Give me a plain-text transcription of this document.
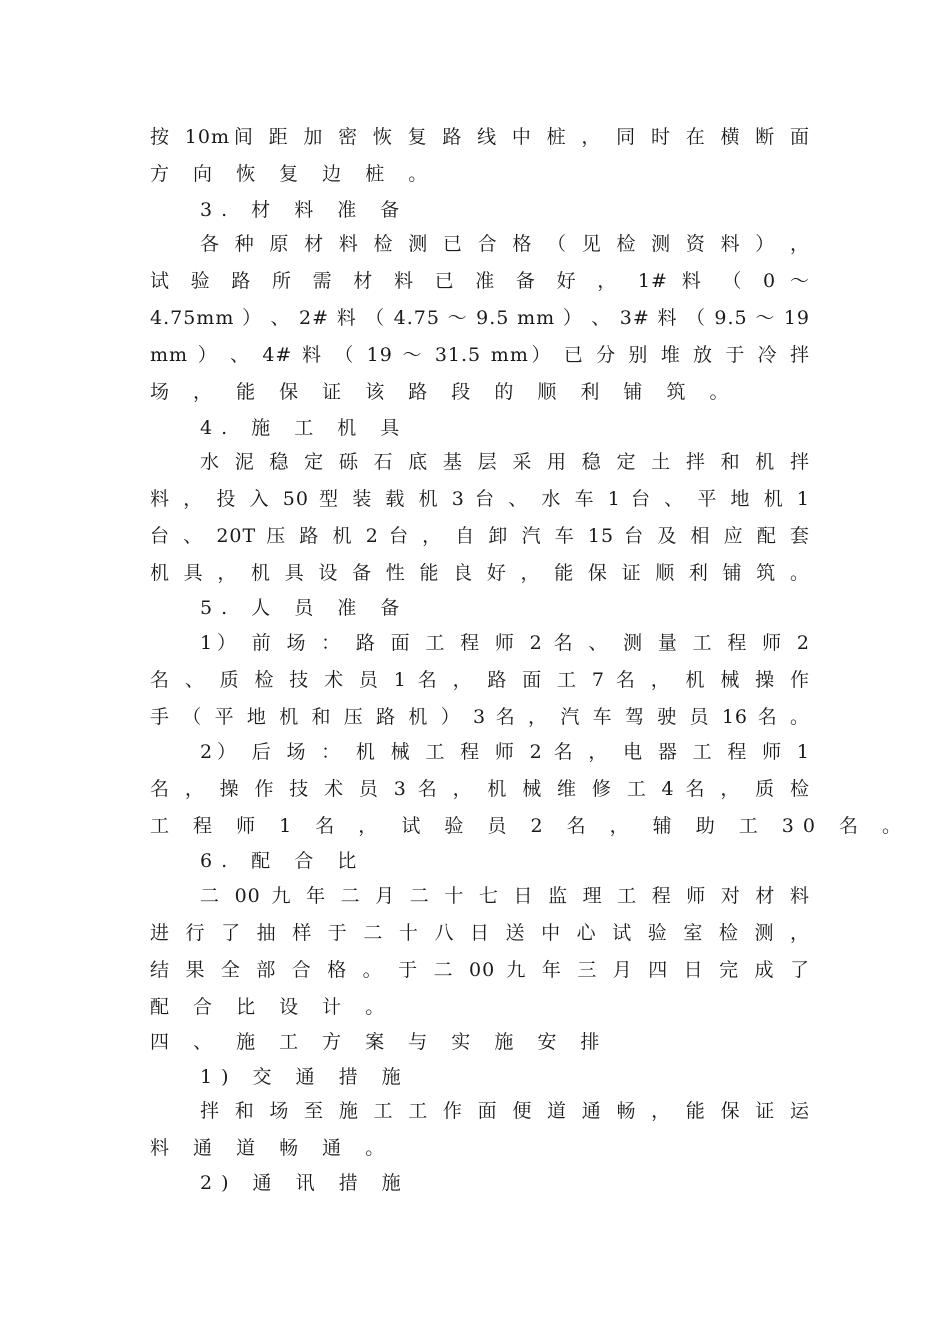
按 10m间 距 加 密 恢 复 路 线 中 桩 ， 同 时 在 横 断 面
方 向 恢 复 边 桩 。
3. 材 料 准 备
各 种 原 材 料 检 测 已 合 格 （ 见 检 测 资 料 ） ，
试 验 路 所 需 材 料 已 准 备 好 ， 1# 料 （ 0 ～
4.75mm ） 、 2# 料 （ 4.75 ～ 9.5 mm ） 、 3# 料 （ 9.5 ～ 19
mm ） 、 4# 料 （ 19 ～ 31.5 mm） 已 分 别 堆 放 于 冷 拌
场 ， 能 保 证 该 路 段 的 顺 利 铺 筑 。
4. 施 工 机 具
水 泥 稳 定 砾 石 底 基 层 采 用 稳 定 土 拌 和 机 拌
料 ， 投 入 50 型 装 载 机 3 台 、 水 车 1 台 、 平 地 机 1
台 、 20T 压 路 机 2 台 ， 自 卸 汽 车 15 台 及 相 应 配 套
机 具 ， 机 具 设 备 性 能 良 好 ， 能 保 证 顺 利 铺 筑 。
5. 人 员 准 备
1） 前 场 ： 路 面 工 程 师 2 名 、 测 量 工 程 师 2
名 、 质 检 技 术 员 1 名 ， 路 面 工 7 名 ， 机 械 操 作
手 （ 平 地 机 和 压 路 机 ） 3 名 ， 汽 车 驾 驶 员 16 名 。
2） 后 场 ： 机 械 工 程 师 2 名 ， 电 器 工 程 师 1
名 ， 操 作 技 术 员 3 名 ， 机 械 维 修 工 4 名 ， 质 检
工 程 师 1 名 ， 试 验 员 2 名 ， 辅 助 工 30 名 。
6. 配 合 比
二 00 九 年 二 月 二 十 七 日 监 理 工 程 师 对 材 料
进 行 了 抽 样 于 二 十 八 日 送 中 心 试 验 室 检 测 ，
结 果 全 部 合 格 。 于 二 00 九 年 三 月 四 日 完 成 了
配 合 比 设 计 。
四 、 施 工 方 案 与 实 施 安 排
1) 交 通 措 施
拌 和 场 至 施 工 工 作 面 便 道 通 畅 ， 能 保 证 运
料 通 道 畅 通 。
2) 通 讯 措 施
